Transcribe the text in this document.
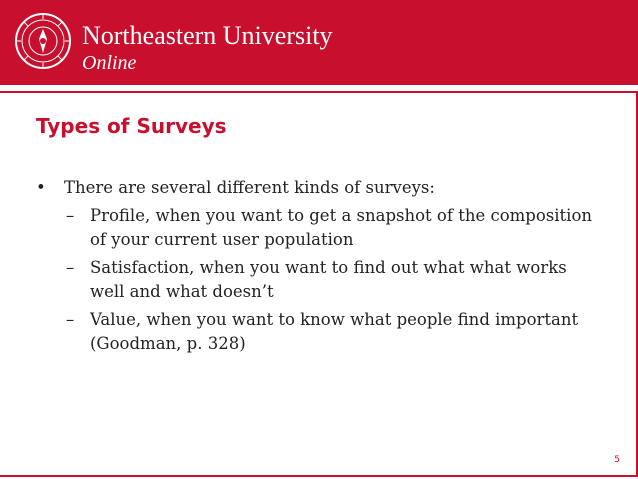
Northeastern University
Online
Types of Surveys
•	There are several different kinds of surveys:
– Profile, when you want to get a snapshot of the composition of your current user population
– Satisfaction, when you want to find out what what works well and what doesn’t
– Value, when you want to know what people find important (Goodman, p. 328)
5
